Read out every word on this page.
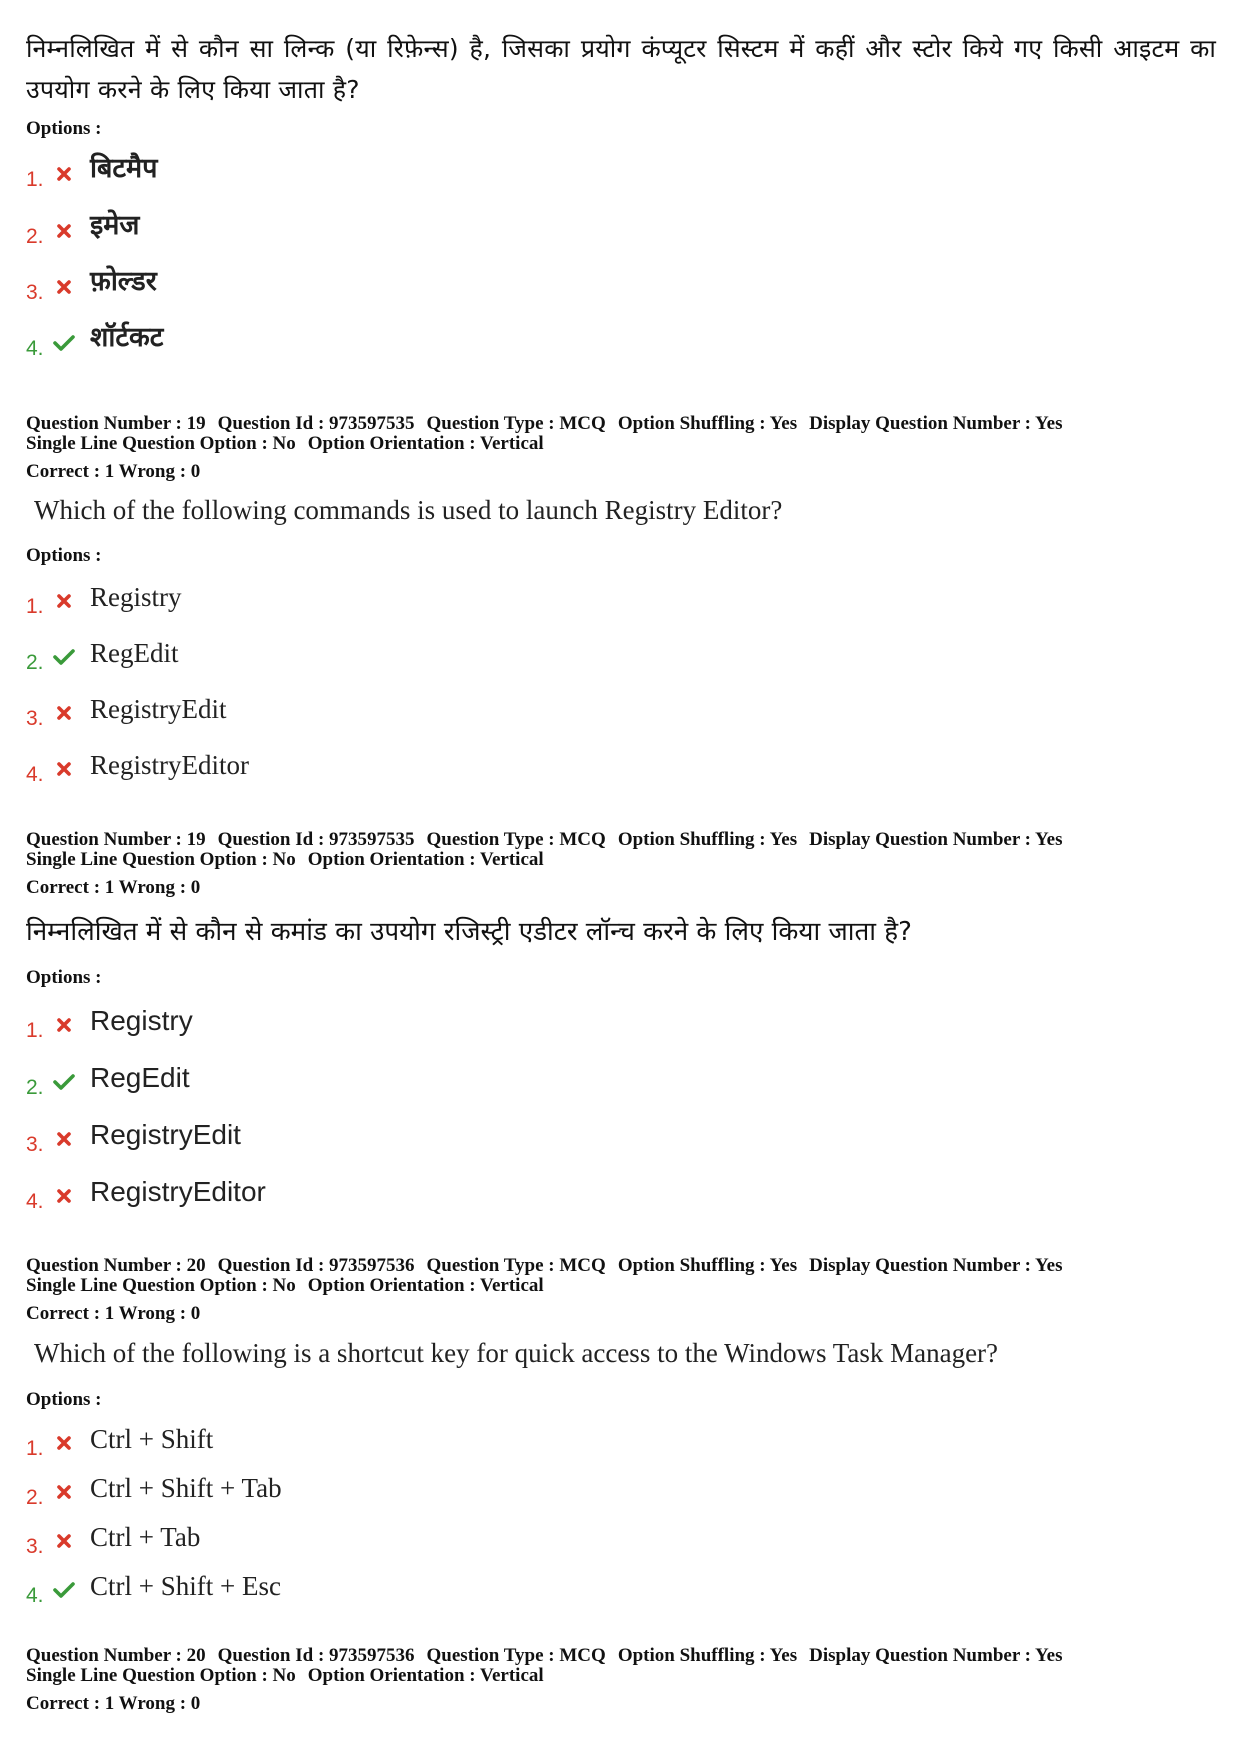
निम्नलिखित में से कौन सा लिन्क (या रिफ़ेन्स) है, जिसका प्रयोग कंप्यूटर सिस्टम में कहीं और स्टोर किये गए किसी आइटम का उपयोग करने के लिए किया जाता है?
Options :
1. बिटमैप
2. इमेज
3. फ़ोल्डर
4. शॉर्टकट
Question Number : 19 Question Id : 973597535 Question Type : MCQ Option Shuffling : Yes Display Question Number : Yes
Single Line Question Option : No Option Orientation : Vertical
Correct : 1 Wrong : 0
Which of the following commands is used to launch Registry Editor?
Options :
1. Registry
2. RegEdit
3. RegistryEdit
4. RegistryEditor
Question Number : 19 Question Id : 973597535 Question Type : MCQ Option Shuffling : Yes Display Question Number : Yes
Single Line Question Option : No Option Orientation : Vertical
Correct : 1 Wrong : 0
निम्नलिखित में से कौन से कमांड का उपयोग रजिस्ट्री एडीटर लॉन्च करने के लिए किया जाता है?
Options :
1. Registry
2. RegEdit
3. RegistryEdit
4. RegistryEditor
Question Number : 20 Question Id : 973597536 Question Type : MCQ Option Shuffling : Yes Display Question Number : Yes
Single Line Question Option : No Option Orientation : Vertical
Correct : 1 Wrong : 0
Which of the following is a shortcut key for quick access to the Windows Task Manager?
Options :
1. Ctrl + Shift
2. Ctrl + Shift + Tab
3. Ctrl + Tab
4. Ctrl + Shift + Esc
Question Number : 20 Question Id : 973597536 Question Type : MCQ Option Shuffling : Yes Display Question Number : Yes
Single Line Question Option : No Option Orientation : Vertical
Correct : 1 Wrong : 0
